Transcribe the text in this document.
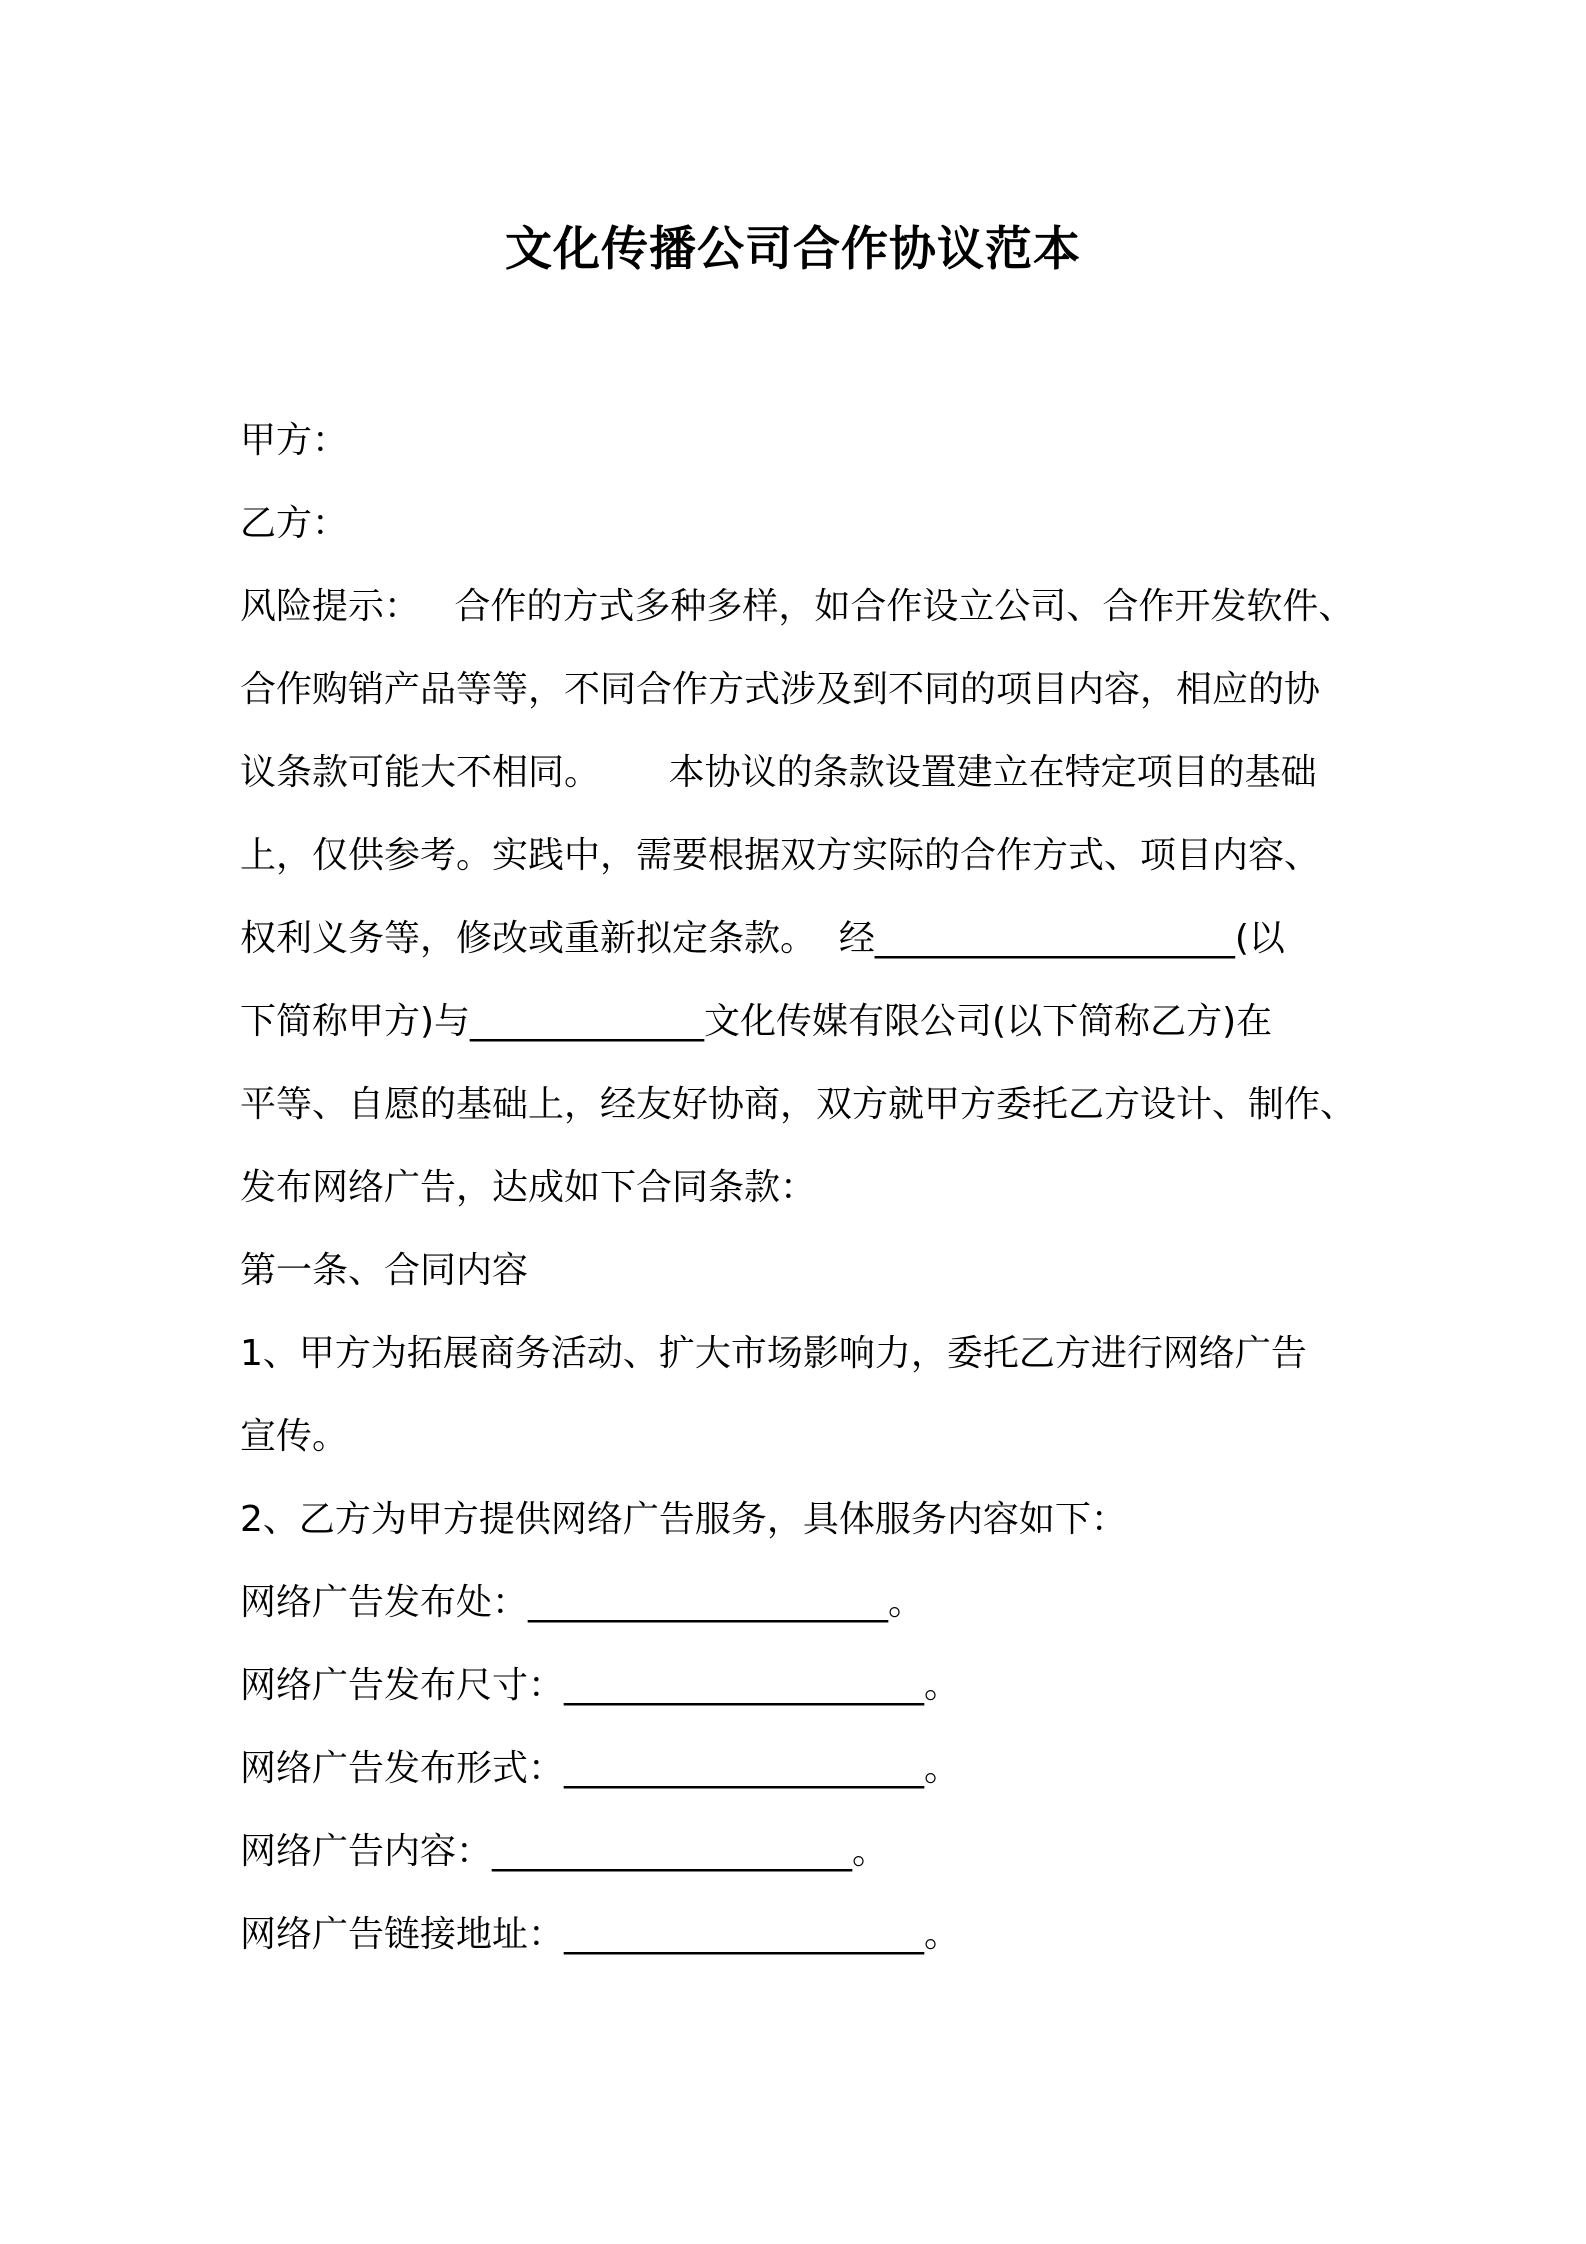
文化传播公司合作协议范本
甲方：
乙方：
风险提示：   合作的方式多种多样，如合作设立公司、合作开发软件、
合作购销产品等等，不同合作方式涉及到不同的项目内容，相应的协
议条款可能大不相同。      本协议的条款设置建立在特定项目的基础
上，仅供参考。实践中，需要根据双方实际的合作方式、项目内容、
权利义务等，修改或重新拟定条款。  经____________________(以
下简称甲方)与_____________文化传媒有限公司(以下简称乙方)在
平等、自愿的基础上，经友好协商，双方就甲方委托乙方设计、制作、
发布网络广告，达成如下合同条款：
第一条、合同内容
1、甲方为拓展商务活动、扩大市场影响力，委托乙方进行网络广告
宣传。
2、乙方为甲方提供网络广告服务，具体服务内容如下：
网络广告发布处：____________________。
网络广告发布尺寸：____________________。
网络广告发布形式：____________________。
网络广告内容：____________________。
网络广告链接地址：____________________。
